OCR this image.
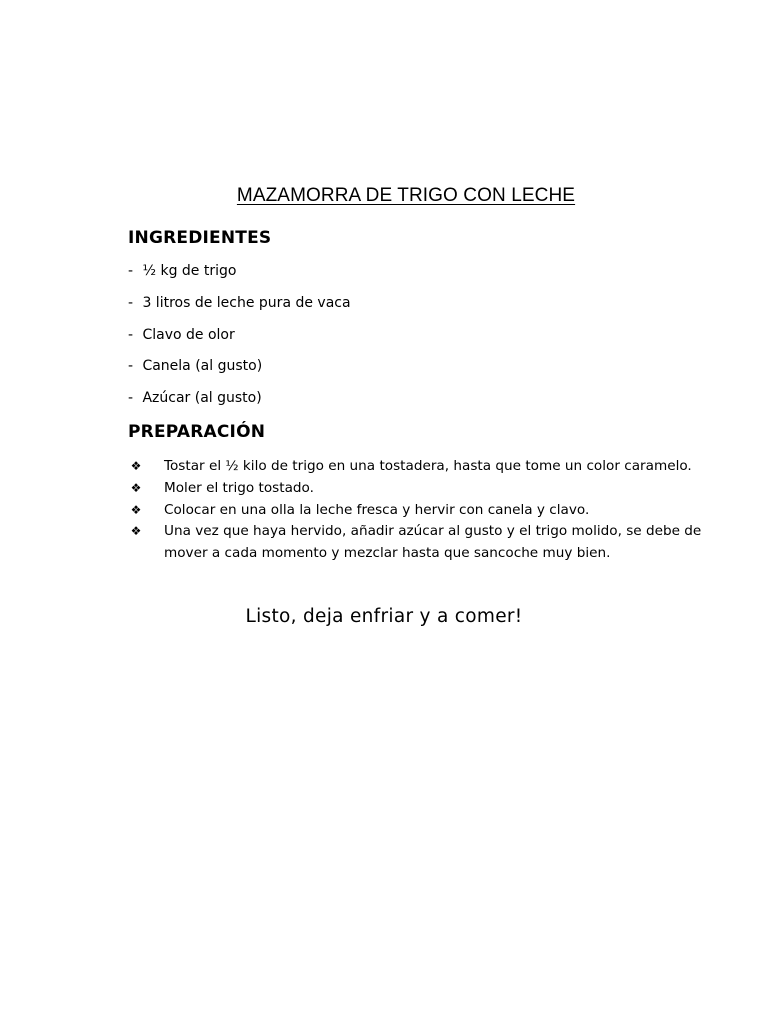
MAZAMORRA DE TRIGO CON LECHE
INGREDIENTES
- ½ kg de trigo
- 3 litros de leche pura de vaca
- Clavo de olor
- Canela (al gusto)
- Azúcar (al gusto)
PREPARACIÓN
❖ Tostar el ½ kilo de trigo en una tostadera, hasta que tome un color caramelo.
❖ Moler el trigo tostado.
❖ Colocar en una olla la leche fresca y hervir con canela y clavo.
❖ Una vez que haya hervido, añadir azúcar al gusto y el trigo molido, se debe de mover a cada momento y mezclar hasta que sancoche muy bien.
Listo, deja enfriar y a comer!
